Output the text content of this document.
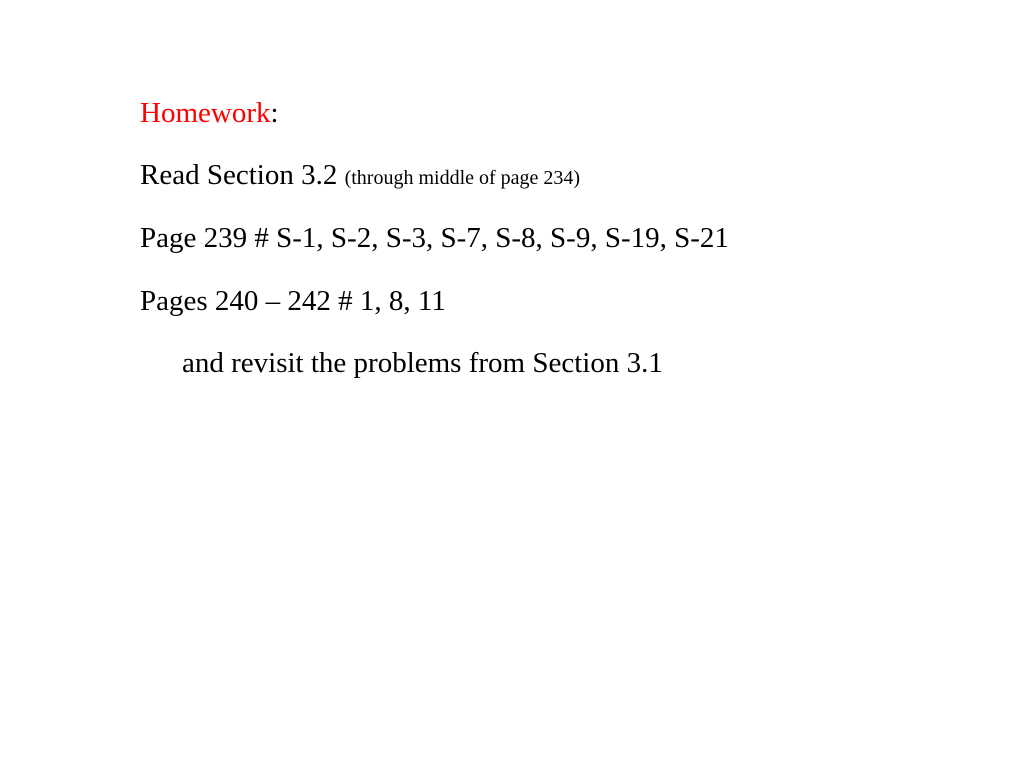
Homework:
Read Section 3.2 (through middle of page 234)
Page 239 # S-1, S-2, S-3, S-7, S-8, S-9, S-19, S-21
Pages 240 – 242 # 1, 8, 11
and revisit the problems from Section 3.1
